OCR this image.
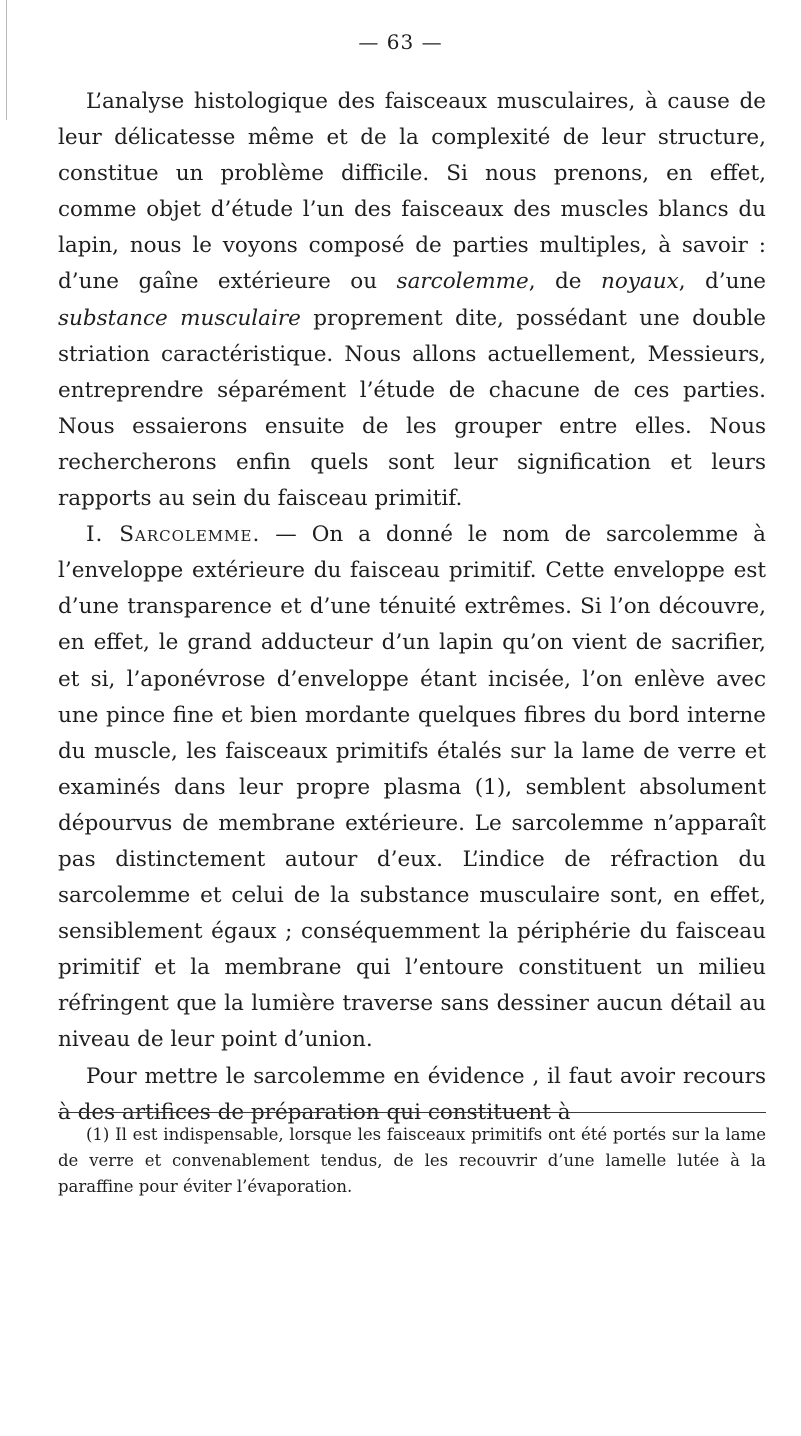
— 63 —

L’analyse histologique des faisceaux musculaires, à cause de leur délicatesse même et de la complexité de leur structure, constitue un problème difficile. Si nous prenons, en effet, comme objet d’étude l’un des faisceaux des muscles blancs du lapin, nous le voyons composé de parties multiples, à savoir : d’une gaîne extérieure ou sarcolemme, de noyaux, d’une substance musculaire proprement dite, possédant une double striation caractéristique. Nous allons actuellement, Messieurs, entreprendre séparément l’étude de chacune de ces parties. Nous essaierons ensuite de les grouper entre elles. Nous rechercherons enfin quels sont leur signification et leurs rapports au sein du faisceau primitif.

I. Sarcolemme. — On a donné le nom de sarcolemme à l’enveloppe extérieure du faisceau primitif. Cette enveloppe est d’une transparence et d’une ténuité extrêmes. Si l’on découvre, en effet, le grand adducteur d’un lapin qu’on vient de sacrifier, et si, l’aponévrose d’enveloppe étant incisée, l’on enlève avec une pince fine et bien mordante quelques fibres du bord interne du muscle, les faisceaux primitifs étalés sur la lame de verre et examinés dans leur propre plasma (1), semblent absolument dépourvus de membrane extérieure. Le sarcolemme n’apparaît pas distinctement autour d’eux. L’indice de réfraction du sarcolemme et celui de la substance musculaire sont, en effet, sensiblement égaux ; conséquemment la périphérie du faisceau primitif et la membrane qui l’entoure constituent un milieu réfringent que la lumière traverse sans dessiner aucun détail au niveau de leur point d’union.

Pour mettre le sarcolemme en évidence , il faut avoir recours à des artifices de préparation qui constituent à

(1) Il est indispensable, lorsque les faisceaux primitifs ont été portés sur la lame de verre et convenablement tendus, de les recouvrir d’une lamelle lutée à la paraffine pour éviter l’évaporation.
